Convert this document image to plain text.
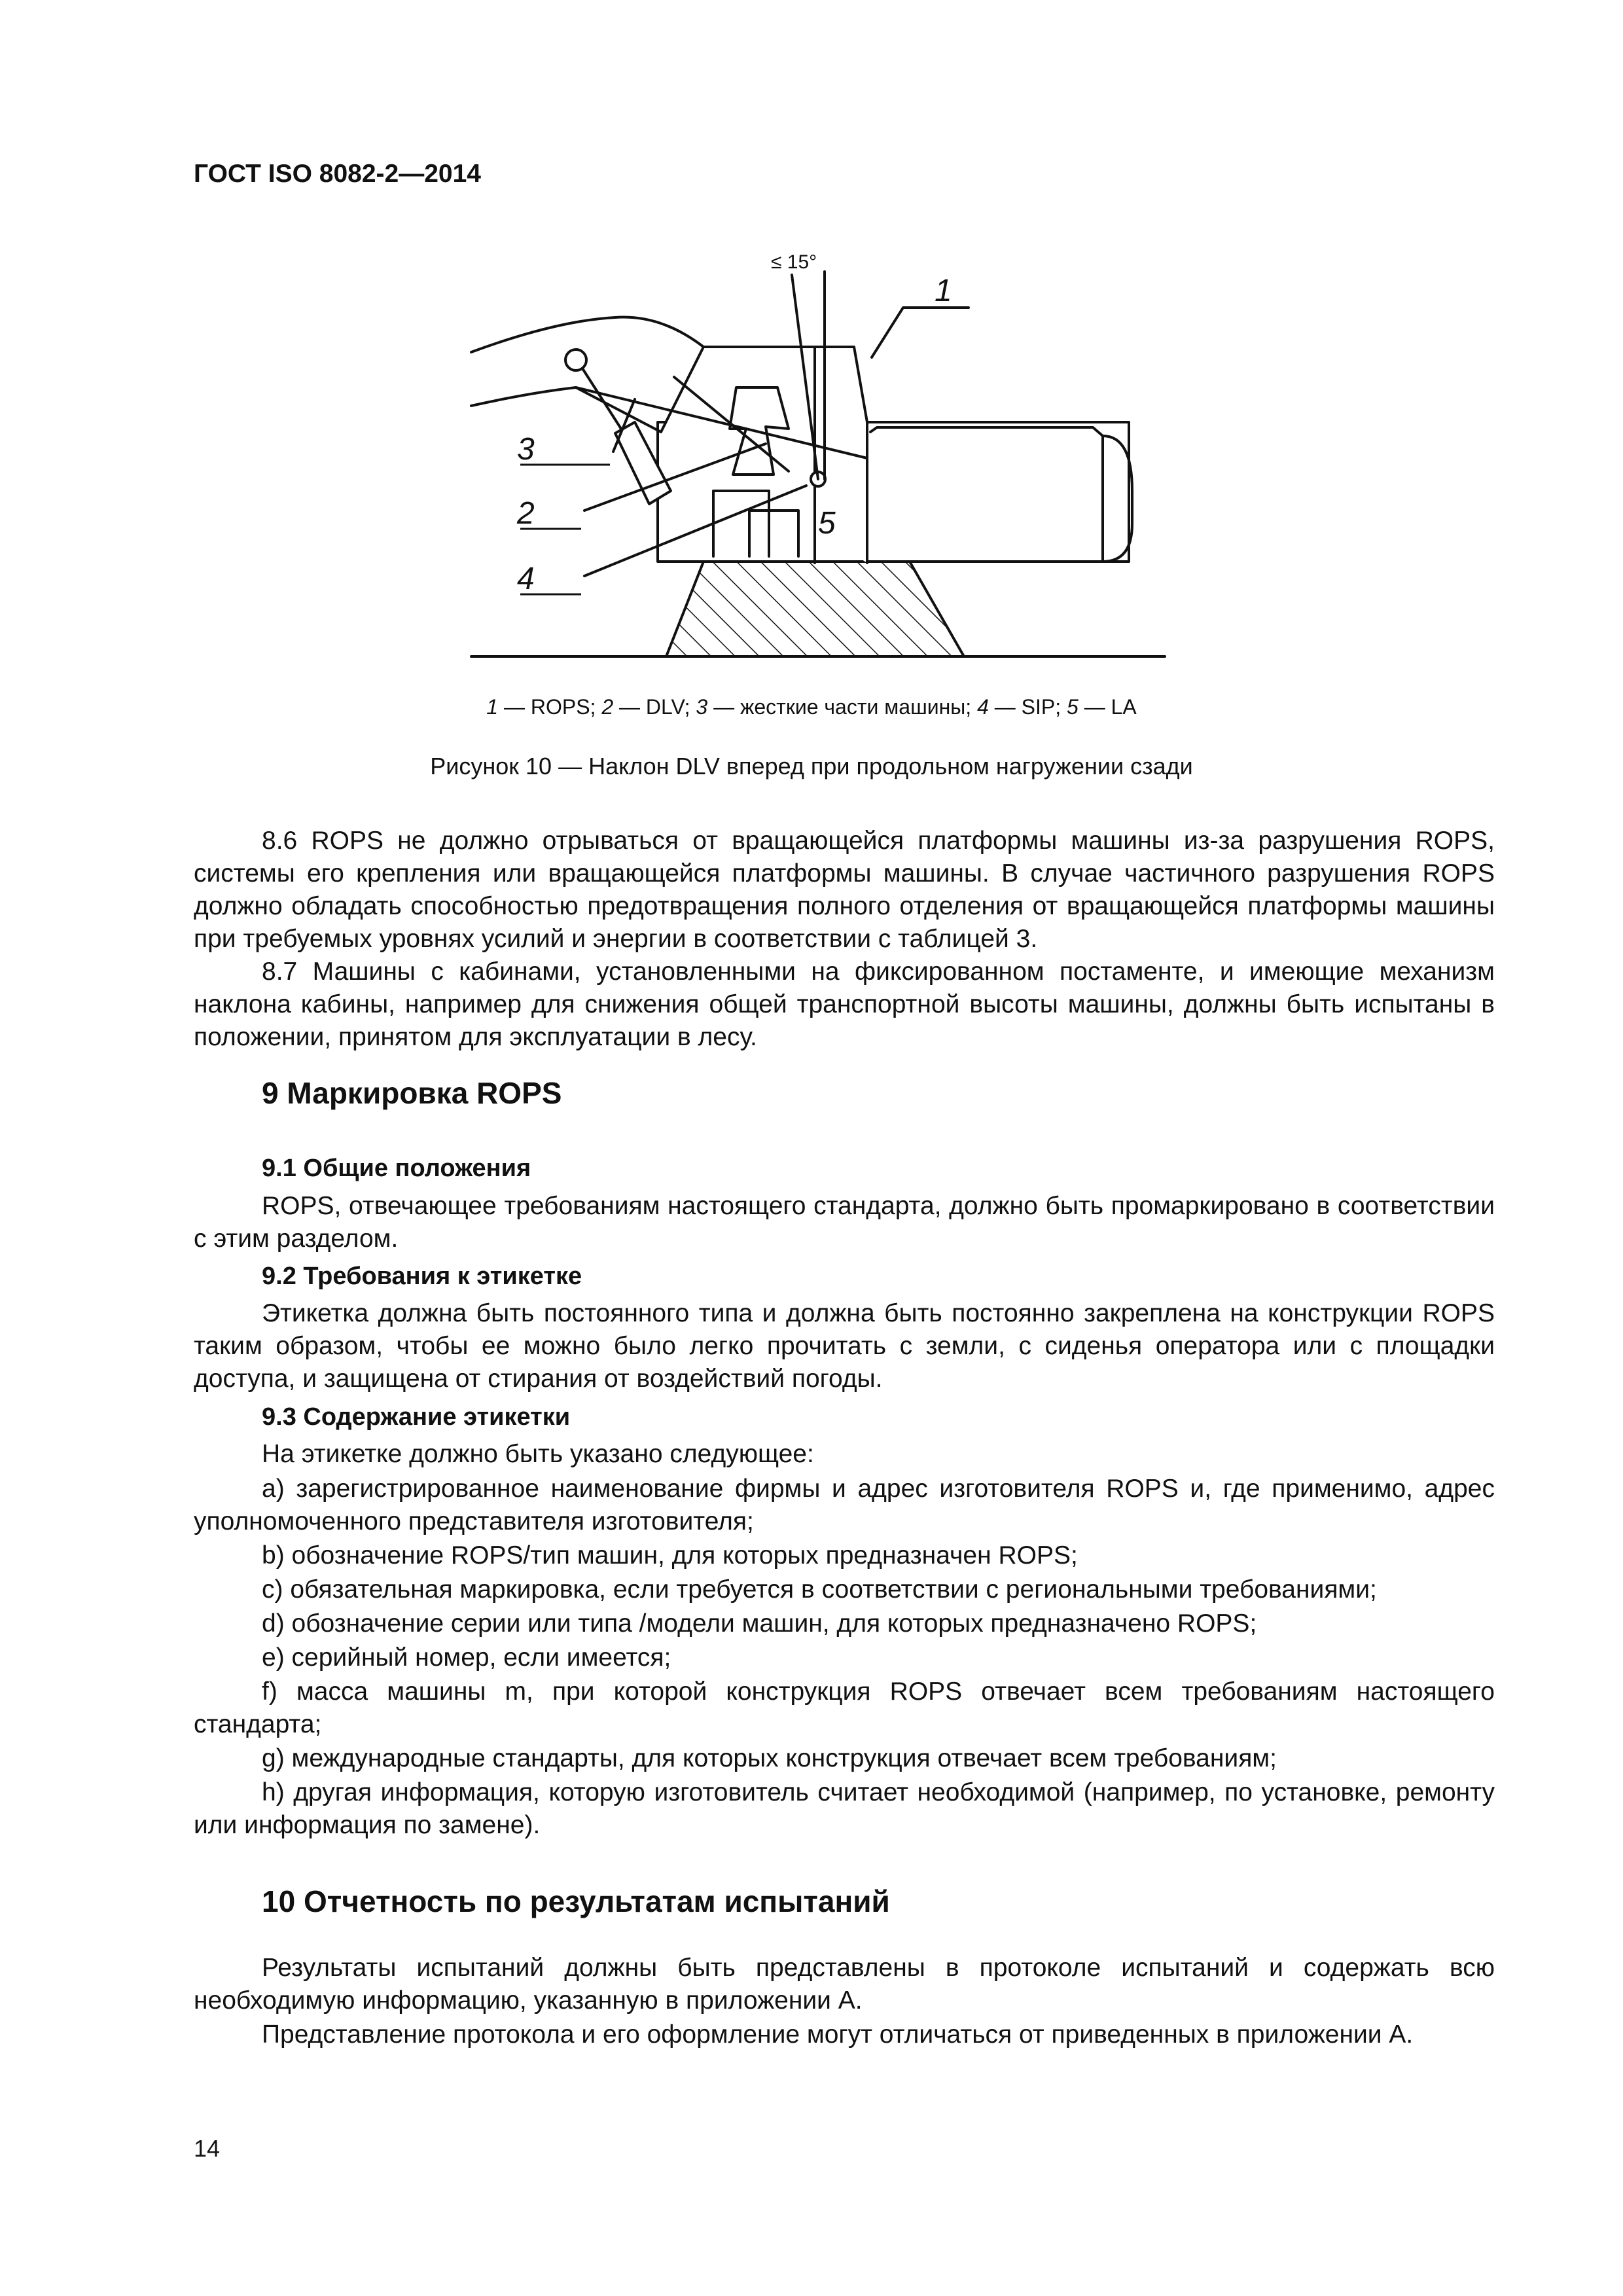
ГОСТ ISO 8082-2—2014
1
2
3
4
5
≤ 15°
1 — ROPS; 2 — DLV; 3 — жесткие части машины; 4 — SIP; 5 — LA
Рисунок 10 — Наклон DLV вперед при продольном нагружении сзади
8.6 ROPS не должно отрываться от вращающейся платформы машины из-за разрушения ROPS, системы его крепления или вращающейся платформы машины. В случае частичного разрушения ROPS должно обладать способностью предотвращения полного отделения от вращающейся платформы машины при требуемых уровнях усилий и энергии в соответствии с таблицей 3.
8.7 Машины с кабинами, установленными на фиксированном постаменте, и имеющие механизм наклона кабины, например для снижения общей транспортной высоты машины, должны быть испытаны в положении, принятом для эксплуатации в лесу.
9 Маркировка ROPS
9.1 Общие положения
ROPS, отвечающее требованиям настоящего стандарта, должно быть промаркировано в соответствии с этим разделом.
9.2 Требования к этикетке
Этикетка должна быть постоянного типа и должна быть постоянно закреплена на конструкции ROPS таким образом, чтобы ее можно было легко прочитать с земли, с сиденья оператора или с площадки доступа, и защищена от стирания от воздействий погоды.
9.3 Содержание этикетки
На этикетке должно быть указано следующее:
a) зарегистрированное наименование фирмы и адрес изготовителя ROPS и, где применимо, адрес уполномоченного представителя изготовителя;
b) обозначение ROPS/тип машин, для которых предназначен ROPS;
c) обязательная маркировка, если требуется в соответствии с региональными требованиями;
d) обозначение серии или типа /модели машин, для которых предназначено ROPS;
e) серийный номер, если имеется;
f) масса машины m, при которой конструкция ROPS отвечает всем требованиям настоящего стандарта;
g) международные стандарты, для которых конструкция отвечает всем требованиям;
h) другая информация, которую изготовитель считает необходимой (например, по установке, ремонту или информация по замене).
10 Отчетность по результатам испытаний
Результаты испытаний должны быть представлены в протоколе испытаний и содержать всю необходимую информацию, указанную в приложении А.
Представление протокола и его оформление могут отличаться от приведенных в приложении А.
14
